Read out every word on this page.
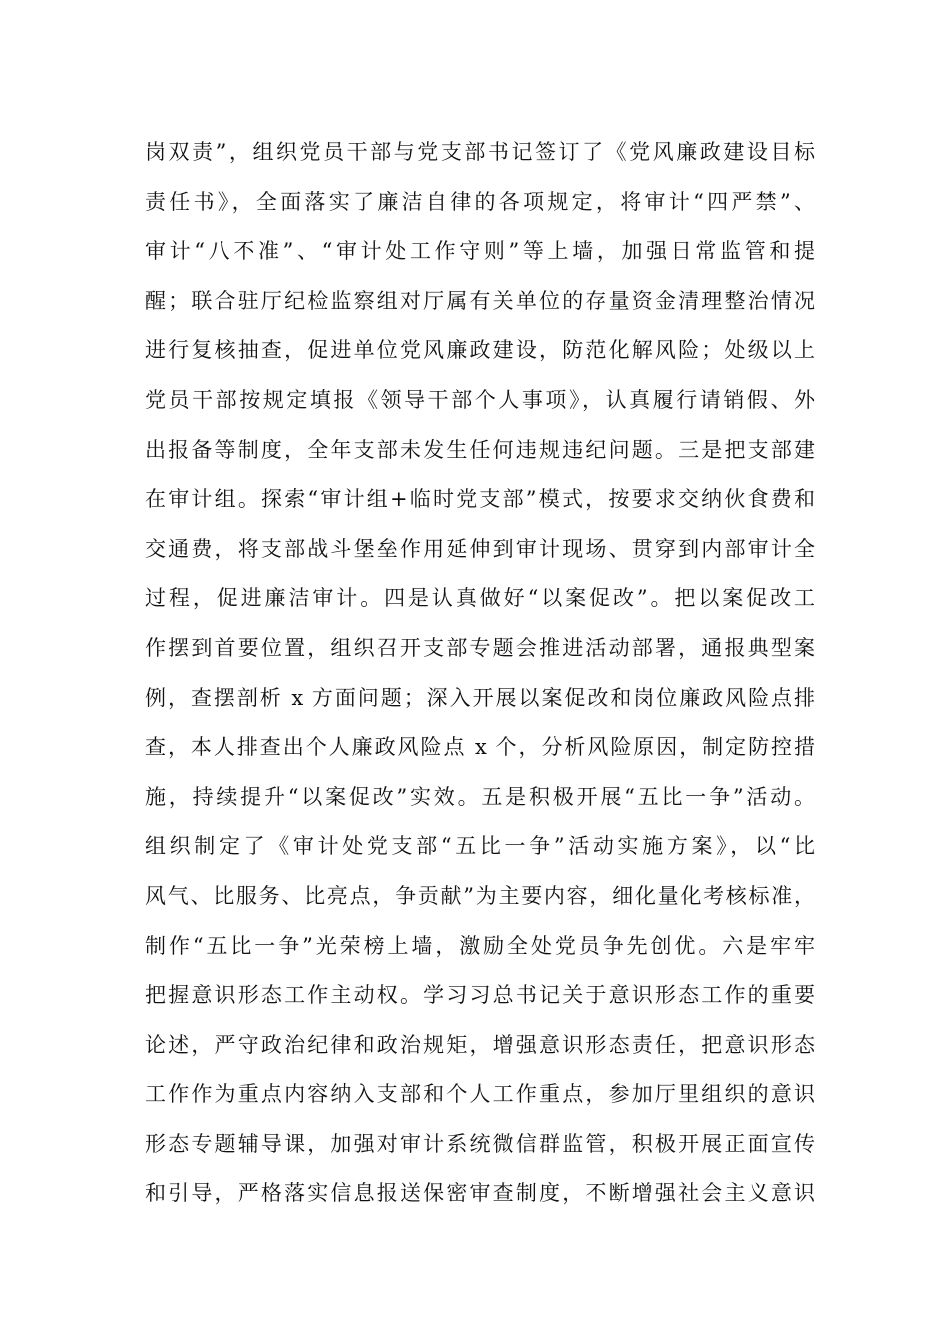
岗双责”，组织党员干部与党支部书记签订了《党风廉政建设目标
责任书》，全面落实了廉洁自律的各项规定，将审计“四严禁”、
审计“八不准”、“审计处工作守则”等上墙，加强日常监管和提
醒；联合驻厅纪检监察组对厅属有关单位的存量资金清理整治情况
进行复核抽查，促进单位党风廉政建设，防范化解风险；处级以上
党员干部按规定填报《领导干部个人事项》，认真履行请销假、外
出报备等制度，全年支部未发生任何违规违纪问题。三是把支部建
在审计组。探索“审计组+临时党支部”模式，按要求交纳伙食费和
交通费，将支部战斗堡垒作用延伸到审计现场、贯穿到内部审计全
过程，促进廉洁审计。四是认真做好“以案促改”。把以案促改工
作摆到首要位置，组织召开支部专题会推进活动部署，通报典型案
例，查摆剖析 x 方面问题；深入开展以案促改和岗位廉政风险点排
查，本人排查出个人廉政风险点 x 个，分析风险原因，制定防控措
施，持续提升“以案促改”实效。五是积极开展“五比一争”活动。
组织制定了《审计处党支部“五比一争”活动实施方案》，以“比
风气、比服务、比亮点，争贡献”为主要内容，细化量化考核标准，
制作“五比一争”光荣榜上墙，激励全处党员争先创优。六是牢牢
把握意识形态工作主动权。学习习总书记关于意识形态工作的重要
论述，严守政治纪律和政治规矩，增强意识形态责任，把意识形态
工作作为重点内容纳入支部和个人工作重点，参加厅里组织的意识
形态专题辅导课，加强对审计系统微信群监管，积极开展正面宣传
和引导，严格落实信息报送保密审查制度，不断增强社会主义意识
